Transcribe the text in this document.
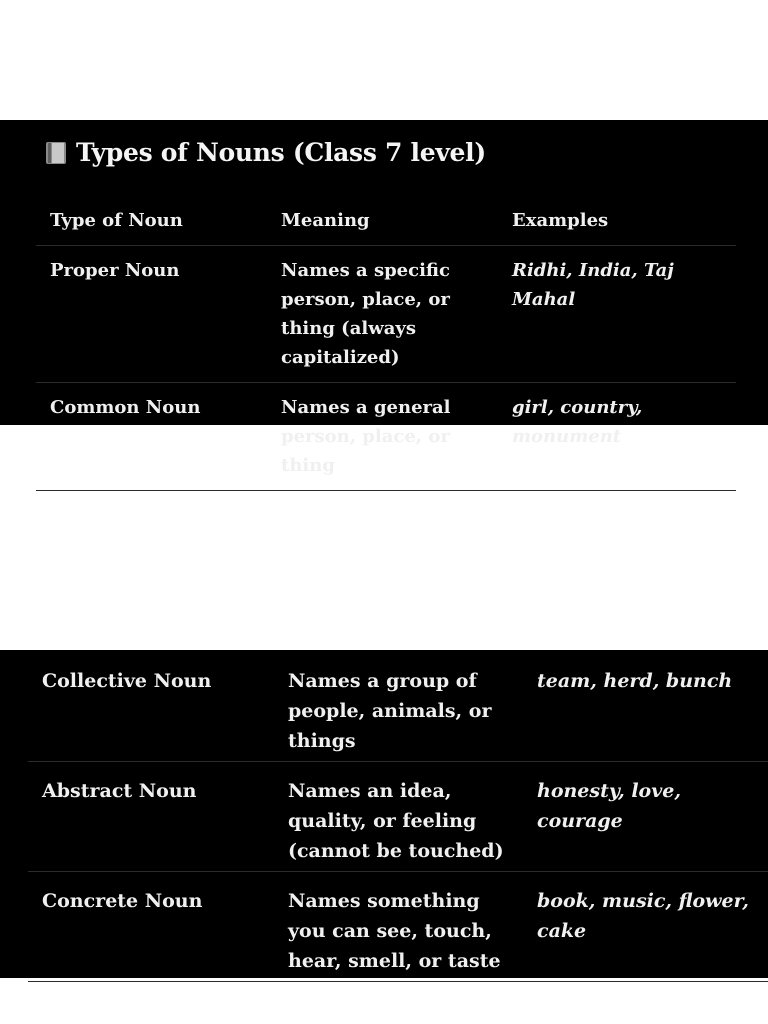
Types of Nouns (Class 7 level)
Type of Noun	Meaning	Examples
Proper Noun	Names a specific person, place, or thing (always capitalized)	Ridhi, India, Taj Mahal
Common Noun	Names a general person, place, or thing	girl, country, monument
Collective Noun	Names a group of people, animals, or things	team, herd, bunch
Abstract Noun	Names an idea, quality, or feeling (cannot be touched)	honesty, love, courage
Concrete Noun	Names something you can see, touch, hear, smell, or taste	book, music, flower, cake
